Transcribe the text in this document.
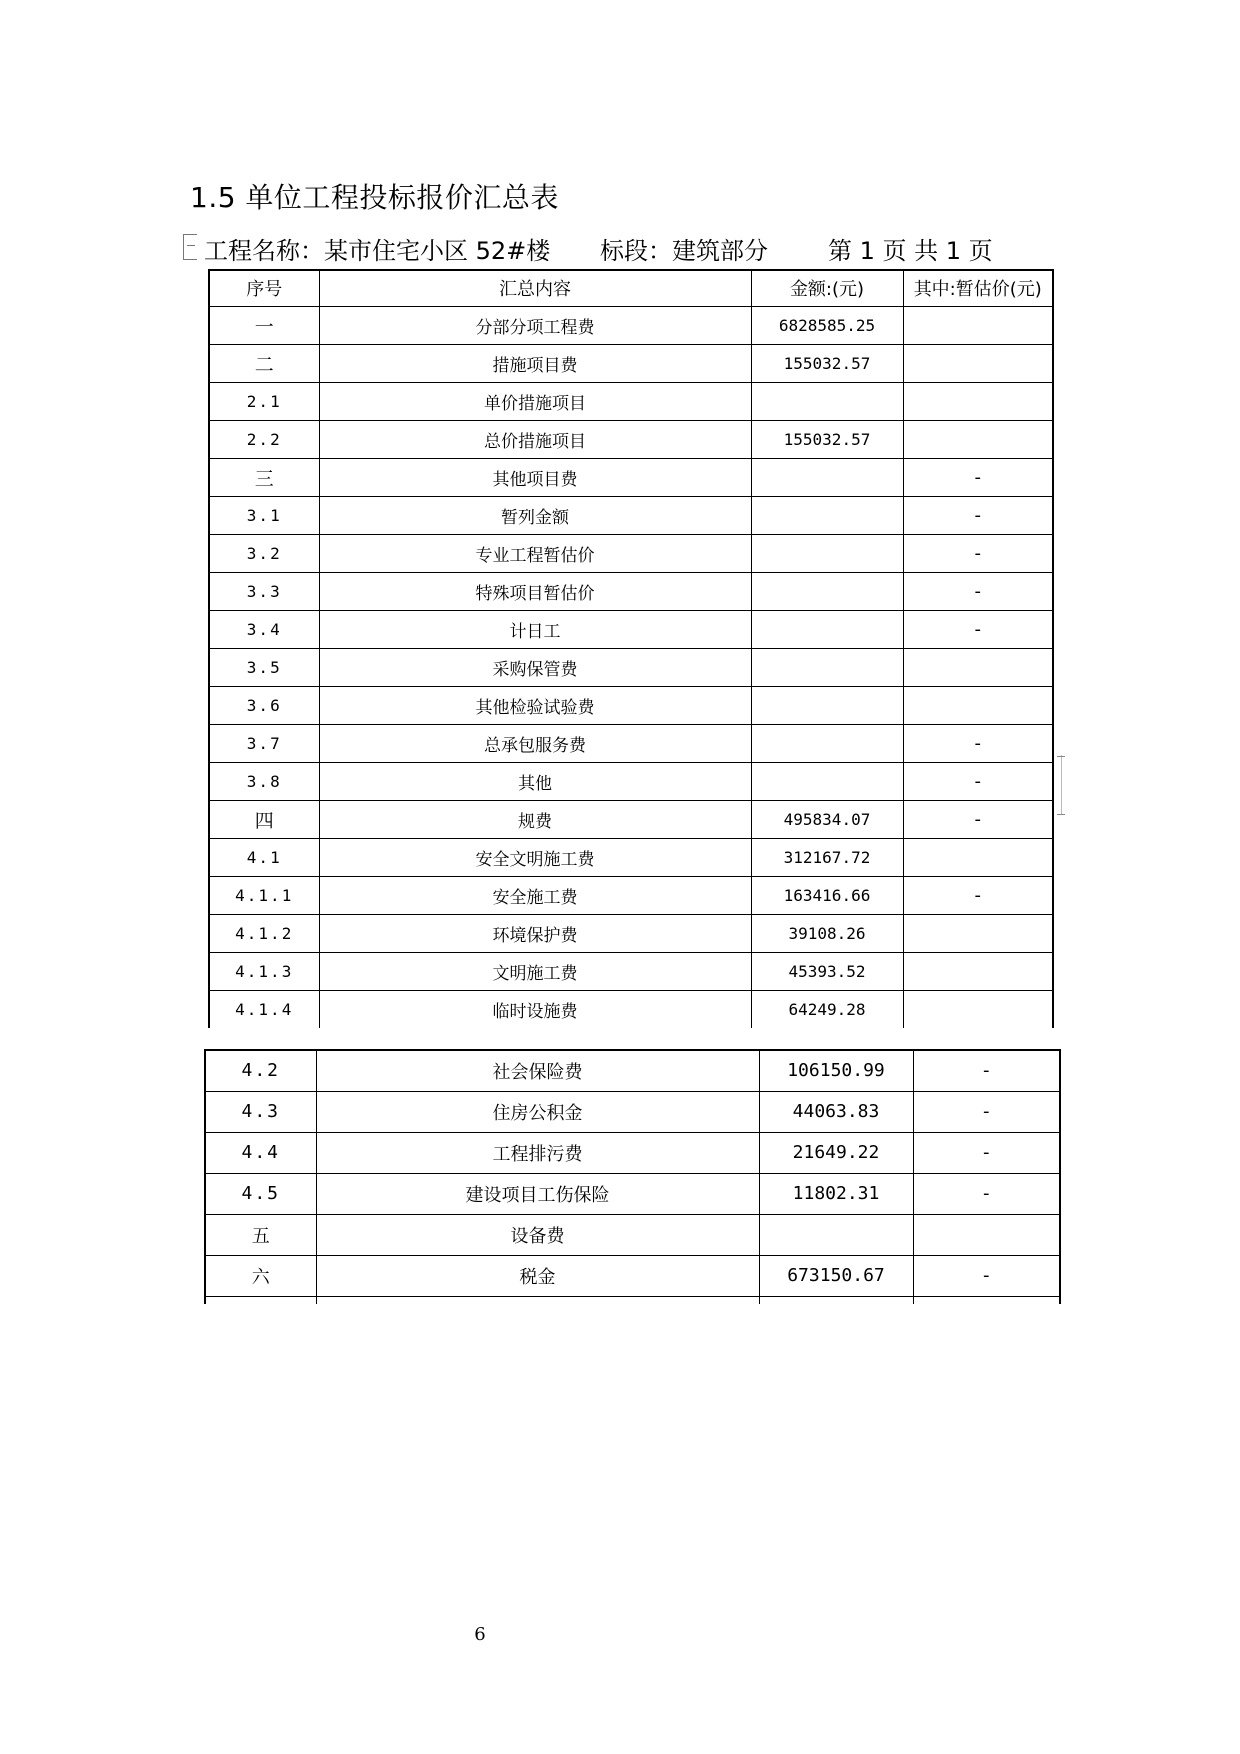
1.5 单位工程投标报价汇总表
工程名称：某市住宅小区 52#楼 标段：建筑部分	第 1 页 共 1 页
序号	汇总内容	金额:(元)	其中:暂估价(元)
一	分部分项工程费	6828585.25	
二	措施项目费	155032.57	
2.1	单价措施项目		
2.2	总价措施项目	155032.57	
三	其他项目费		-
3.1	暂列金额		-
3.2	专业工程暂估价		-
3.3	特殊项目暂估价		-
3.4	计日工		-
3.5	采购保管费		
3.6	其他检验试验费		
3.7	总承包服务费		-
3.8	其他		-
四	规费	495834.07	-
4.1	安全文明施工费	312167.72	
4.1.1	安全施工费	163416.66	-
4.1.2	环境保护费	39108.26	
4.1.3	文明施工费	45393.52	
4.1.4	临时设施费	64249.28	
4.2	社会保险费	106150.99	-
4.3	住房公积金	44063.83	-
4.4	工程排污费	21649.22	-
4.5	建设项目工伤保险	11802.31	-
五	设备费		
六	税金	673150.67	-

6
